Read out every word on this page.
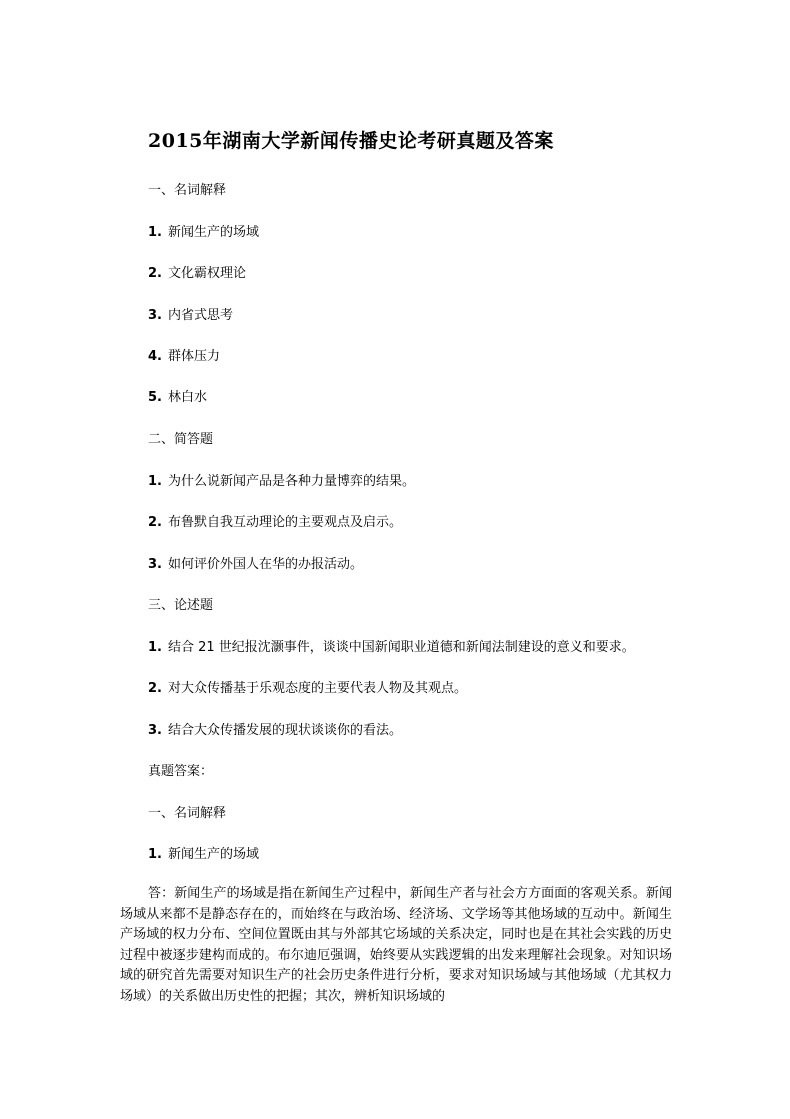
2015年湖南大学新闻传播史论考研真题及答案
一、名词解释
1. 新闻生产的场域
2. 文化霸权理论
3. 内省式思考
4. 群体压力
5. 林白水
二、简答题
1. 为什么说新闻产品是各种力量博弈的结果。
2. 布鲁默自我互动理论的主要观点及启示。
3. 如何评价外国人在华的办报活动。
三、论述题
1. 结合 21 世纪报沈灏事件，谈谈中国新闻职业道德和新闻法制建设的意义和要求。
2. 对大众传播基于乐观态度的主要代表人物及其观点。
3. 结合大众传播发展的现状谈谈你的看法。
真题答案：
一、名词解释
1. 新闻生产的场域
答：新闻生产的场域是指在新闻生产过程中，新闻生产者与社会方方面面的客观关系。新闻场域从来都不是静态存在的，而始终在与政治场、经济场、文学场等其他场域的互动中。新闻生产场域的权力分布、空间位置既由其与外部其它场域的关系决定，同时也是在其社会实践的历史过程中被逐步建构而成的。布尔迪厄强调，始终要从实践逻辑的出发来理解社会现象。对知识场域的研究首先需要对知识生产的社会历史条件进行分析，要求对知识场域与其他场域（尤其权力场域）的关系做出历史性的把握；其次，辨析知识场域的
